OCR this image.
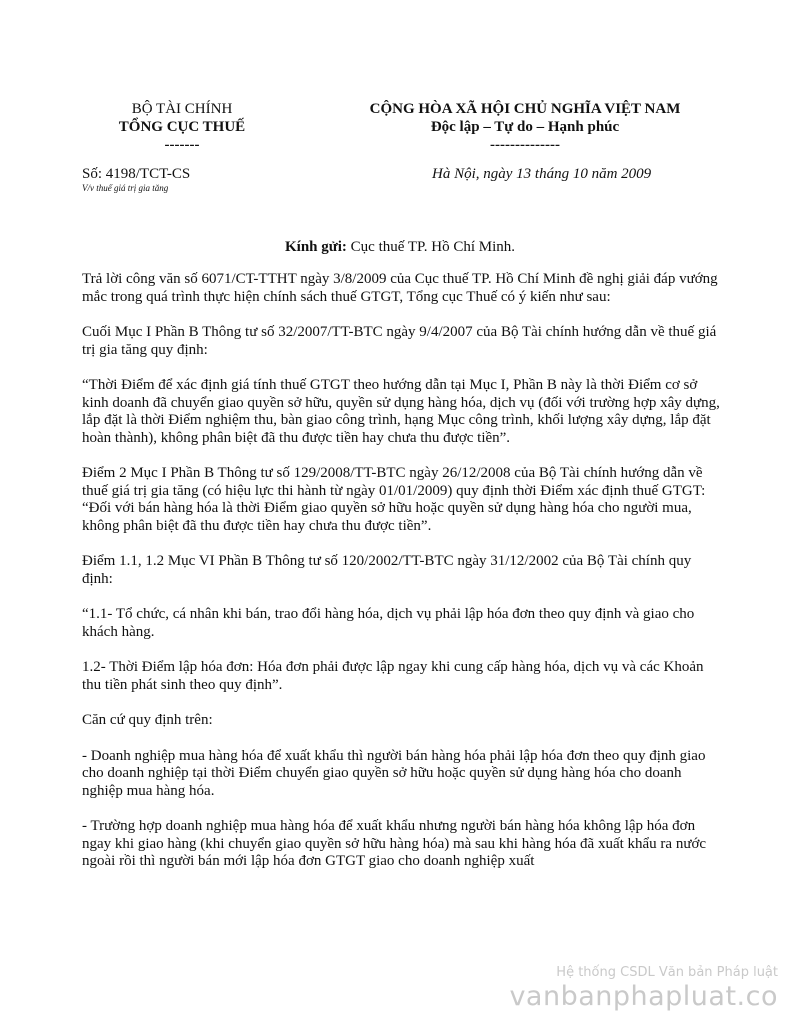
BỘ TÀI CHÍNH
TỔNG CỤC THUẾ
-------
CỘNG HÒA XÃ HỘI CHỦ NGHĨA VIỆT NAM
Độc lập – Tự do – Hạnh phúc
--------------
Số: 4198/TCT-CS
V/v thuế giá trị gia tăng
Hà Nội, ngày 13 tháng 10 năm 2009
Kính gửi: Cục thuế TP. Hồ Chí Minh.

Trả lời công văn số 6071/CT-TTHT ngày 3/8/2009 của Cục thuế TP. Hồ Chí Minh đề nghị giải đáp vướng mắc trong quá trình thực hiện chính sách thuế GTGT, Tổng cục Thuế có ý kiến như sau:

Cuối Mục I Phần B Thông tư số 32/2007/TT-BTC ngày 9/4/2007 của Bộ Tài chính hướng dẫn về thuế giá trị gia tăng quy định:

“Thời Điểm để xác định giá tính thuế GTGT theo hướng dẫn tại Mục I, Phần B này là thời Điểm cơ sở kinh doanh đã chuyển giao quyền sở hữu, quyền sử dụng hàng hóa, dịch vụ (đối với trường hợp xây dựng, lắp đặt là thời Điểm nghiệm thu, bàn giao công trình, hạng Mục công trình, khối lượng xây dựng, lắp đặt hoàn thành), không phân biệt đã thu được tiền hay chưa thu được tiền”.

Điểm 2 Mục I Phần B Thông tư số 129/2008/TT-BTC ngày 26/12/2008 của Bộ Tài chính hướng dẫn về thuế giá trị gia tăng (có hiệu lực thi hành từ ngày 01/01/2009) quy định thời Điểm xác định thuế GTGT: “Đối với bán hàng hóa là thời Điểm giao quyền sở hữu hoặc quyền sử dụng hàng hóa cho người mua, không phân biệt đã thu được tiền hay chưa thu được tiền”.

Điểm 1.1, 1.2 Mục VI Phần B Thông tư số 120/2002/TT-BTC ngày 31/12/2002 của Bộ Tài chính quy định:

“1.1- Tổ chức, cá nhân khi bán, trao đổi hàng hóa, dịch vụ phải lập hóa đơn theo quy định và giao cho khách hàng.

1.2- Thời Điểm lập hóa đơn: Hóa đơn phải được lập ngay khi cung cấp hàng hóa, dịch vụ và các Khoản thu tiền phát sinh theo quy định”.

Căn cứ quy định trên:

- Doanh nghiệp mua hàng hóa để xuất khẩu thì người bán hàng hóa phải lập hóa đơn theo quy định giao cho doanh nghiệp tại thời Điểm chuyển giao quyền sở hữu hoặc quyền sử dụng hàng hóa cho doanh nghiệp mua hàng hóa.

- Trường hợp doanh nghiệp mua hàng hóa để xuất khẩu nhưng người bán hàng hóa không lập hóa đơn ngay khi giao hàng (khi chuyển giao quyền sở hữu hàng hóa) mà sau khi hàng hóa đã xuất khẩu ra nước ngoài rồi thì người bán mới lập hóa đơn GTGT giao cho doanh nghiệp xuất

Hệ thống CSDL Văn bản Pháp luật
vanbanphapluat.co
